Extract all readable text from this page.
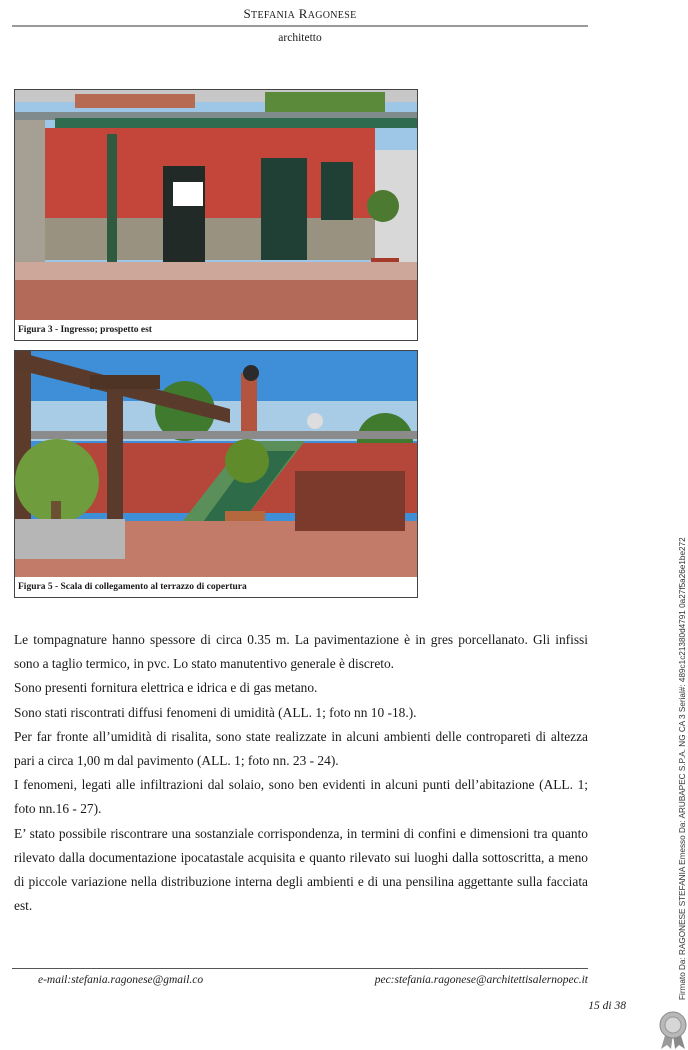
STEFANIA RAGONESE
architetto
Figura 3 - Ingresso; prospetto est
Figura 5 - Scala di collegamento al terrazzo di copertura

Le tompagnature hanno spessore di circa 0.35 m. La pavimentazione è in gres porcellanato. Gli infissi sono a taglio termico, in pvc. Lo stato manutentivo generale è discreto.

Sono presenti fornitura elettrica e idrica e di gas metano.

Sono stati riscontrati diffusi fenomeni di umidità (ALL. 1; foto nn 10 -18.).

Per far fronte all’umidità di risalita, sono state realizzate in alcuni ambienti delle contropareti di altezza pari a circa 1,00 m dal pavimento (ALL. 1; foto nn. 23 - 24).

I fenomeni, legati alle infiltrazioni dal solaio, sono ben evidenti in alcuni punti dell’abitazione (ALL. 1; foto nn.16 - 27).

E’ stato possibile riscontrare una sostanziale corrispondenza, in termini di confini e dimensioni tra quanto rilevato dalla documentazione ipocatastale acquisita e quanto rilevato sui luoghi dalla sottoscritta, a meno di piccole variazione nella distribuzione interna degli ambienti e di una pensilina aggettante sulla facciata est.

e-mail:stefania.ragonese@gmail.co	pec:stefania.ragonese@architettisalernopec.it
15 di 38
Firmato Da: RAGONESE STEFANIA Emesso Da: ARUBAPEC S.P.A. NG CA 3 Serial#: 489c1c21380d4791 0a27f5a26e1be272
